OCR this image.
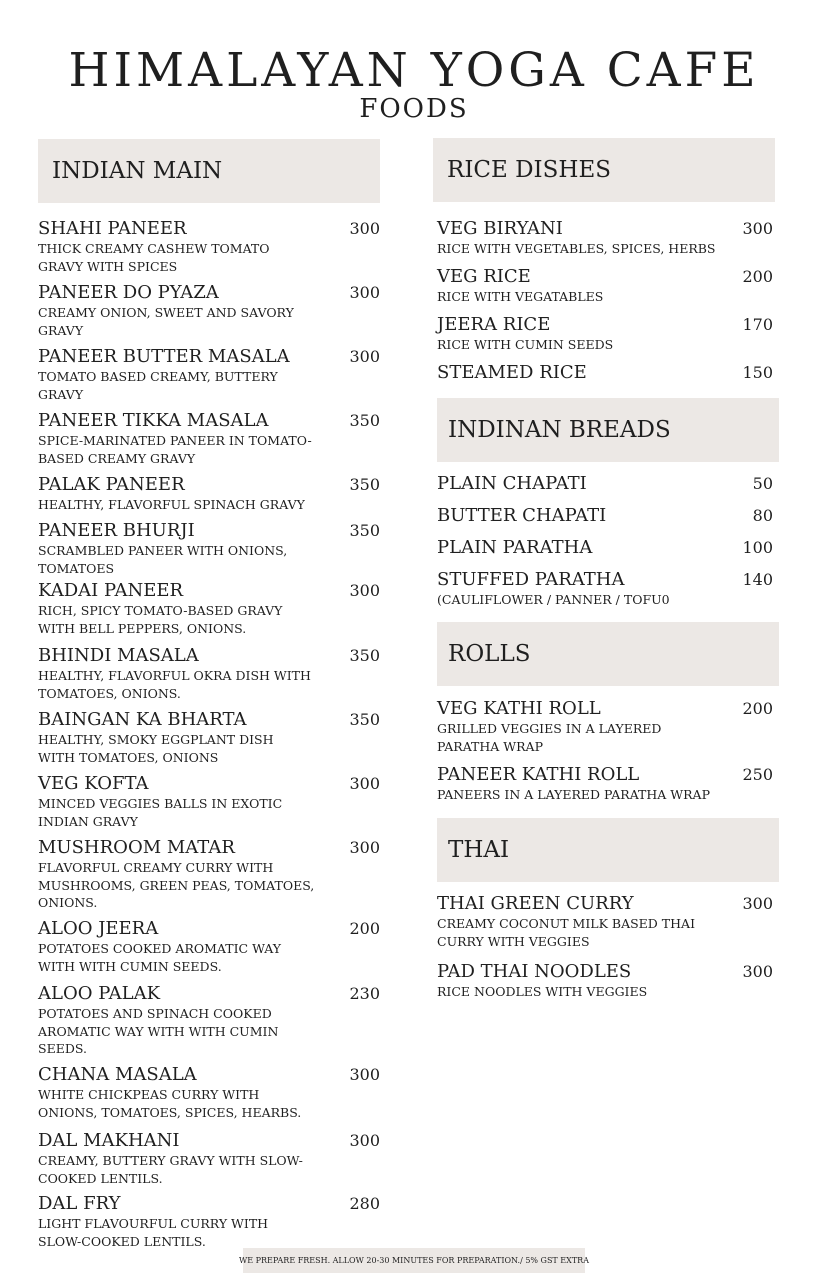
HIMALAYAN YOGA CAFE
FOODS
INDIAN MAIN	RICE DISHES
INDINAN BREADS
ROLLS
THAI
SHAHI PANEER	300
THICK CREAMY CASHEW TOMATO
GRAVY WITH SPICES
PANEER DO PYAZA	300
CREAMY ONION, SWEET AND SAVORY
GRAVY
PANEER BUTTER MASALA	300
TOMATO BASED CREAMY, BUTTERY
GRAVY
PANEER TIKKA MASALA	350
SPICE-MARINATED PANEER IN TOMATO-
BASED CREAMY GRAVY
PALAK PANEER	350
HEALTHY, FLAVORFUL SPINACH GRAVY
PANEER BHURJI	350
SCRAMBLED PANEER WITH ONIONS,
TOMATOES
KADAI PANEER	300
RICH, SPICY TOMATO-BASED GRAVY
WITH BELL PEPPERS, ONIONS.
BHINDI MASALA	350
HEALTHY, FLAVORFUL OKRA DISH WITH
TOMATOES, ONIONS.
BAINGAN KA BHARTA	350
HEALTHY, SMOKY EGGPLANT DISH
WITH TOMATOES, ONIONS
VEG KOFTA	300
MINCED VEGGIES BALLS IN EXOTIC
INDIAN GRAVY
MUSHROOM MATAR	300
FLAVORFUL CREAMY CURRY WITH
MUSHROOMS, GREEN PEAS, TOMATOES,
ONIONS.
ALOO JEERA	200
POTATOES COOKED AROMATIC WAY
WITH WITH CUMIN SEEDS.
ALOO PALAK	230
POTATOES AND SPINACH COOKED
AROMATIC WAY WITH WITH CUMIN
SEEDS.
CHANA MASALA	300
WHITE CHICKPEAS CURRY WITH
ONIONS, TOMATOES, SPICES, HEARBS.
DAL MAKHANI	300
CREAMY, BUTTERY GRAVY WITH SLOW-
COOKED LENTILS.
DAL FRY	280
LIGHT FLAVOURFUL CURRY WITH
SLOW-COOKED LENTILS.
VEG BIRYANI	300
RICE WITH VEGETABLES, SPICES, HERBS
VEG RICE	200
RICE WITH VEGATABLES
JEERA RICE	170
RICE WITH CUMIN SEEDS
STEAMED RICE	150
PLAIN CHAPATI	50
BUTTER CHAPATI	80
PLAIN PARATHA	100
STUFFED PARATHA	140
(CAULIFLOWER / PANNER / TOFU0
VEG KATHI ROLL	200
GRILLED VEGGIES IN A LAYERED
PARATHA WRAP
PANEER KATHI ROLL	250
PANEERS IN A LAYERED PARATHA WRAP
THAI GREEN CURRY	300
CREAMY COCONUT MILK BASED THAI
CURRY WITH VEGGIES
PAD THAI NOODLES	300
RICE NOODLES WITH VEGGIES
WE PREPARE FRESH. ALLOW 20-30 MINUTES FOR PREPARATION./ 5% GST EXTRA
